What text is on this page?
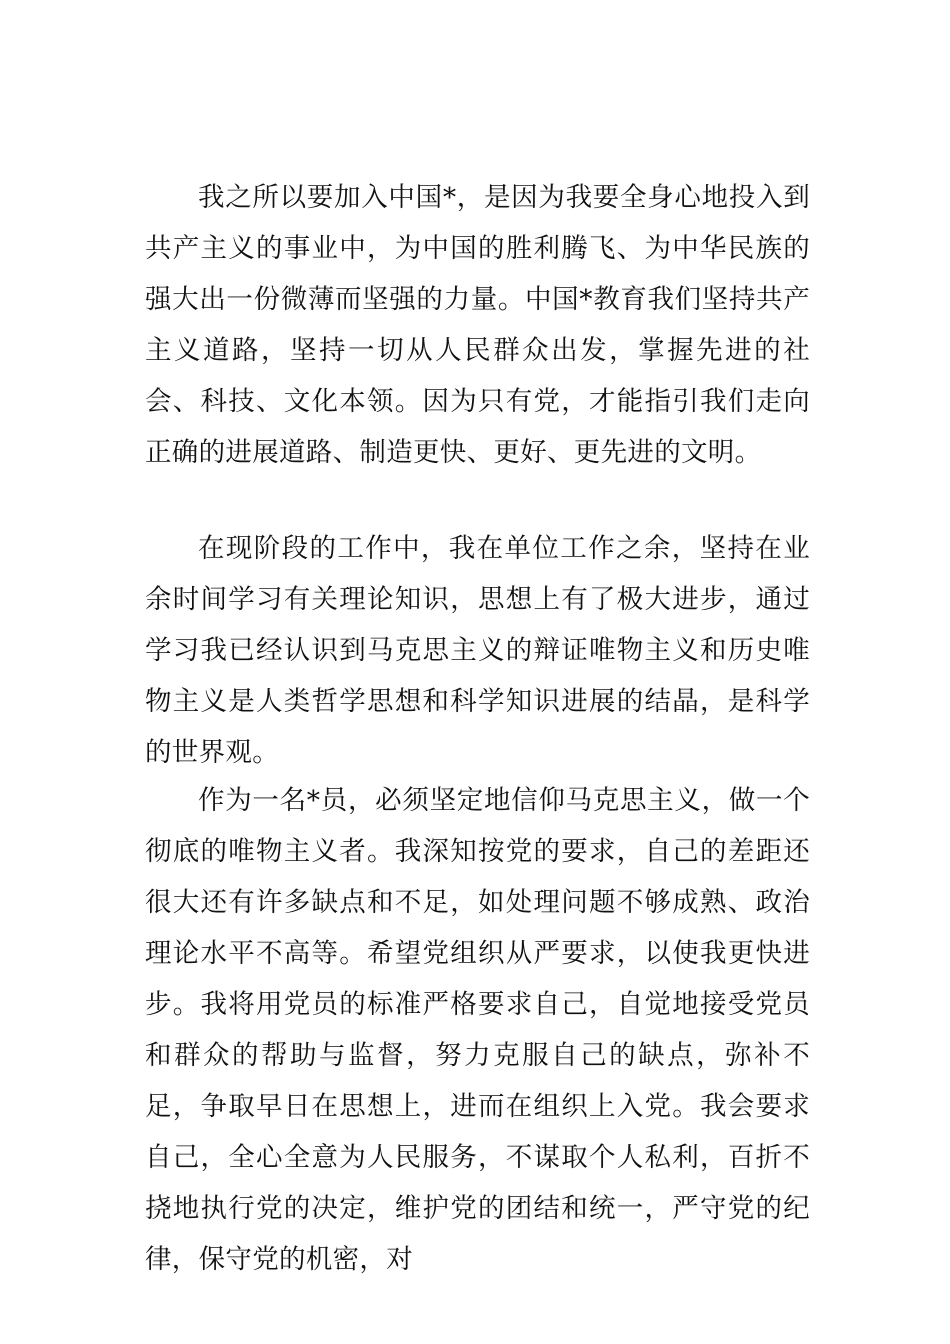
我之所以要加入中国*，是因为我要全身心地投入到共产主义的事业中，为中国的胜利腾飞、为中华民族的强大出一份微薄而坚强的力量。中国*教育我们坚持共产主义道路，坚持一切从人民群众出发，掌握先进的社会、科技、文化本领。因为只有党，才能指引我们走向正确的进展道路、制造更快、更好、更先进的文明。

在现阶段的工作中，我在单位工作之余，坚持在业余时间学习有关理论知识，思想上有了极大进步，通过学习我已经认识到马克思主义的辩证唯物主义和历史唯物主义是人类哲学思想和科学知识进展的结晶，是科学的世界观。

作为一名*员，必须坚定地信仰马克思主义，做一个彻底的唯物主义者。我深知按党的要求，自己的差距还很大还有许多缺点和不足，如处理问题不够成熟、政治理论水平不高等。希望党组织从严要求，以使我更快进步。我将用党员的标准严格要求自己，自觉地接受党员和群众的帮助与监督，努力克服自己的缺点，弥补不足，争取早日在思想上，进而在组织上入党。我会要求自己，全心全意为人民服务，不谋取个人私利，百折不挠地执行党的决定，维护党的团结和统一，严守党的纪律，保守党的机密，对
